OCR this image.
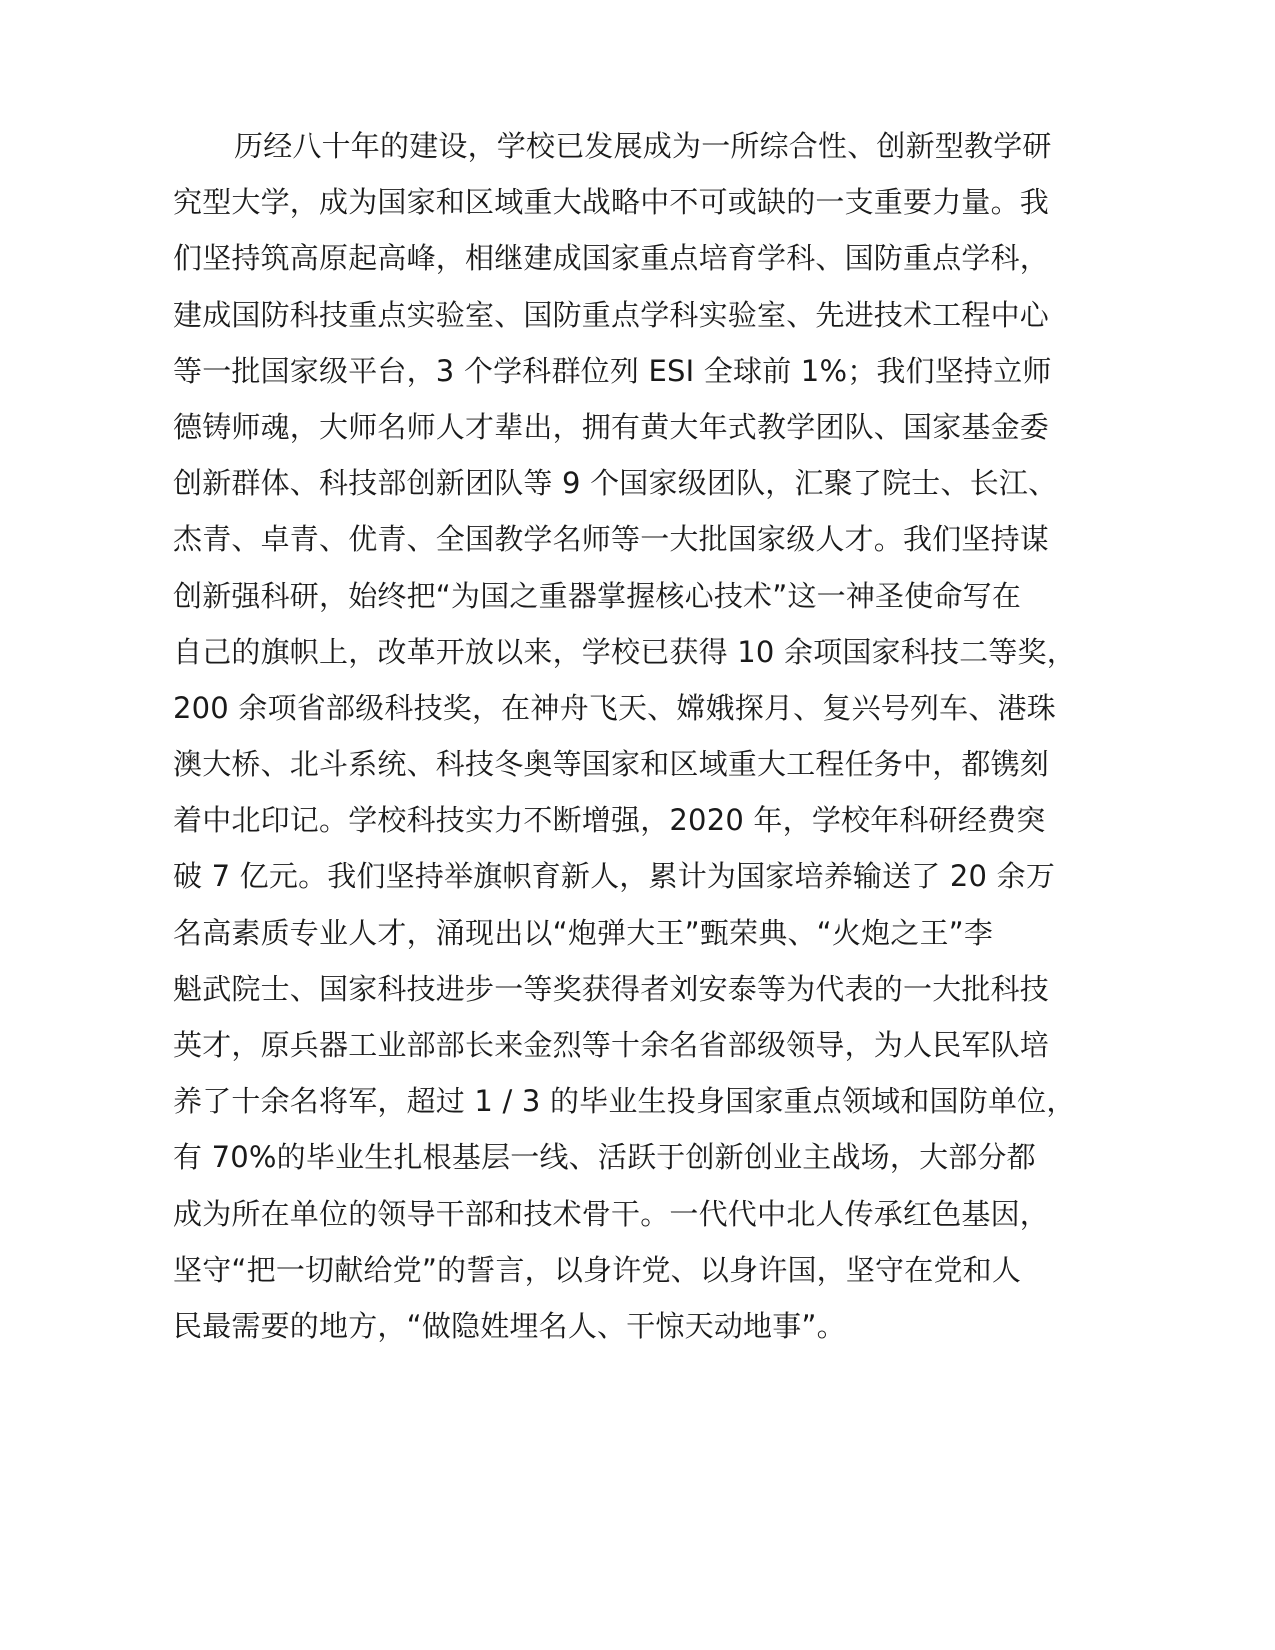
历经八十年的建设，学校已发展成为一所综合性、创新型教学研
究型大学，成为国家和区域重大战略中不可或缺的一支重要力量。我
们坚持筑高原起高峰，相继建成国家重点培育学科、国防重点学科，
建成国防科技重点实验室、国防重点学科实验室、先进技术工程中心
等一批国家级平台，3 个学科群位列 ESI 全球前 1%；我们坚持立师
德铸师魂，大师名师人才辈出，拥有黄大年式教学团队、国家基金委
创新群体、科技部创新团队等 9 个国家级团队，汇聚了院士、长江、
杰青、卓青、优青、全国教学名师等一大批国家级人才。我们坚持谋
创新强科研，始终把“为国之重器掌握核心技术”这一神圣使命写在
自己的旗帜上，改革开放以来，学校已获得 10 余项国家科技二等奖，
200 余项省部级科技奖，在神舟飞天、嫦娥探月、复兴号列车、港珠
澳大桥、北斗系统、科技冬奥等国家和区域重大工程任务中，都镌刻
着中北印记。学校科技实力不断增强，2020 年，学校年科研经费突
破 7 亿元。我们坚持举旗帜育新人，累计为国家培养输送了 20 余万
名高素质专业人才，涌现出以“炮弹大王”甄荣典、“火炮之王”李
魁武院士、国家科技进步一等奖获得者刘安泰等为代表的一大批科技
英才，原兵器工业部部长来金烈等十余名省部级领导，为人民军队培
养了十余名将军，超过 1 / 3 的毕业生投身国家重点领域和国防单位，
有 70%的毕业生扎根基层一线、活跃于创新创业主战场，大部分都
成为所在单位的领导干部和技术骨干。一代代中北人传承红色基因，
坚守“把一切献给党”的誓言，以身许党、以身许国，坚守在党和人
民最需要的地方，“做隐姓埋名人、干惊天动地事”。
